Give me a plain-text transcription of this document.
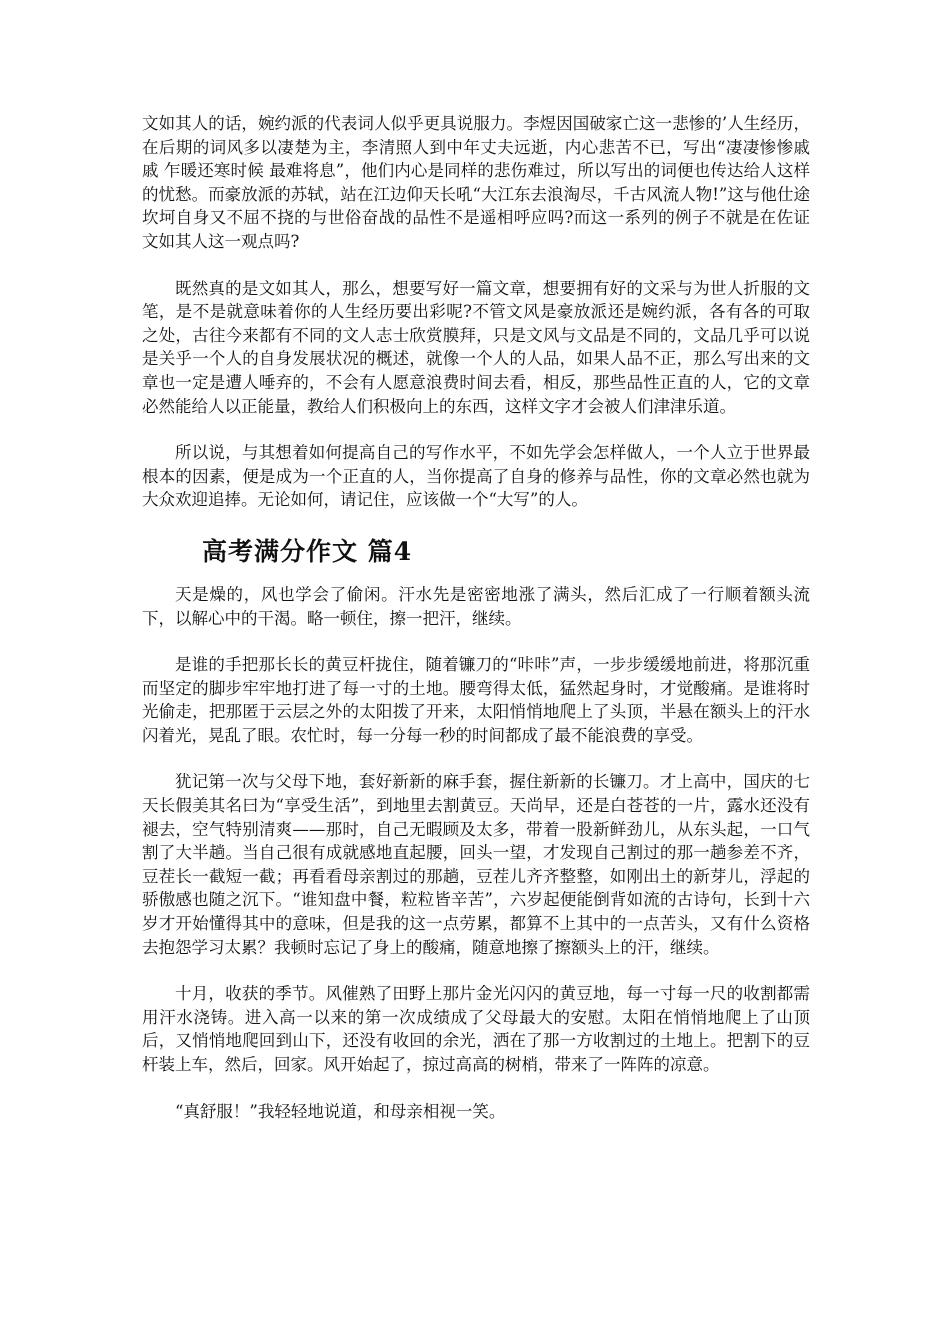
文如其人的话，婉约派的代表词人似乎更具说服力。李煜因国破家亡这一悲惨的’人生经历，在后期的词风多以凄楚为主，李清照人到中年丈夫远逝，内心悲苦不已，写出“凄凄惨惨戚戚 乍暖还寒时候 最难将息”，他们内心是同样的悲伤难过，所以写出的词便也传达给人这样的忧愁。而豪放派的苏轼，站在江边仰天长吼“大江东去浪淘尽，千古风流人物!”这与他仕途坎坷自身又不屈不挠的与世俗奋战的品性不是遥相呼应吗?而这一系列的例子不就是在佐证文如其人这一观点吗?

既然真的是文如其人，那么，想要写好一篇文章，想要拥有好的文采与为世人折服的文笔，是不是就意味着你的人生经历要出彩呢?不管文风是豪放派还是婉约派，各有各的可取之处，古往今来都有不同的文人志士欣赏膜拜，只是文风与文品是不同的，文品几乎可以说是关乎一个人的自身发展状况的概述，就像一个人的人品，如果人品不正，那么写出来的文章也一定是遭人唾弃的，不会有人愿意浪费时间去看，相反，那些品性正直的人，它的文章必然能给人以正能量，教给人们积极向上的东西，这样文字才会被人们津津乐道。

所以说，与其想着如何提高自己的写作水平，不如先学会怎样做人，一个人立于世界最根本的因素，便是成为一个正直的人，当你提高了自身的修养与品性，你的文章必然也就为大众欢迎追捧。无论如何，请记住，应该做一个“大写”的人。

高考满分作文 篇4

天是燥的，风也学会了偷闲。汗水先是密密地涨了满头，然后汇成了一行顺着额头流下，以解心中的干渴。略一顿住，擦一把汗，继续。

是谁的手把那长长的黄豆杆拢住，随着镰刀的“咔咔”声，一步步缓缓地前进，将那沉重而坚定的脚步牢牢地打进了每一寸的土地。腰弯得太低，猛然起身时，才觉酸痛。是谁将时光偷走，把那匿于云层之外的太阳拨了开来，太阳悄悄地爬上了头顶，半悬在额头上的汗水闪着光，晃乱了眼。农忙时，每一分每一秒的时间都成了最不能浪费的享受。

犹记第一次与父母下地，套好新新的麻手套，握住新新的长镰刀。才上高中，国庆的七天长假美其名曰为“享受生活”，到地里去割黄豆。天尚早，还是白苍苍的一片，露水还没有褪去，空气特别清爽——那时，自己无暇顾及太多，带着一股新鲜劲儿，从东头起，一口气割了大半趟。当自己很有成就感地直起腰，回头一望，才发现自己割过的那一趟参差不齐，豆茬长一截短一截；再看看母亲割过的那趟，豆茬儿齐齐整整，如刚出土的新芽儿，浮起的骄傲感也随之沉下。“谁知盘中餐，粒粒皆辛苦”，六岁起便能倒背如流的古诗句，长到十六岁才开始懂得其中的意味，但是我的这一点劳累，都算不上其中的一点苦头，又有什么资格去抱怨学习太累？我顿时忘记了身上的酸痛，随意地擦了擦额头上的汗，继续。

十月，收获的季节。风催熟了田野上那片金光闪闪的黄豆地，每一寸每一尺的收割都需用汗水浇铸。进入高一以来的第一次成绩成了父母最大的安慰。太阳在悄悄地爬上了山顶后，又悄悄地爬回到山下，还没有收回的余光，洒在了那一方收割过的土地上。把割下的豆杆装上车，然后，回家。风开始起了，掠过高高的树梢，带来了一阵阵的凉意。

“真舒服！”我轻轻地说道，和母亲相视一笑。
